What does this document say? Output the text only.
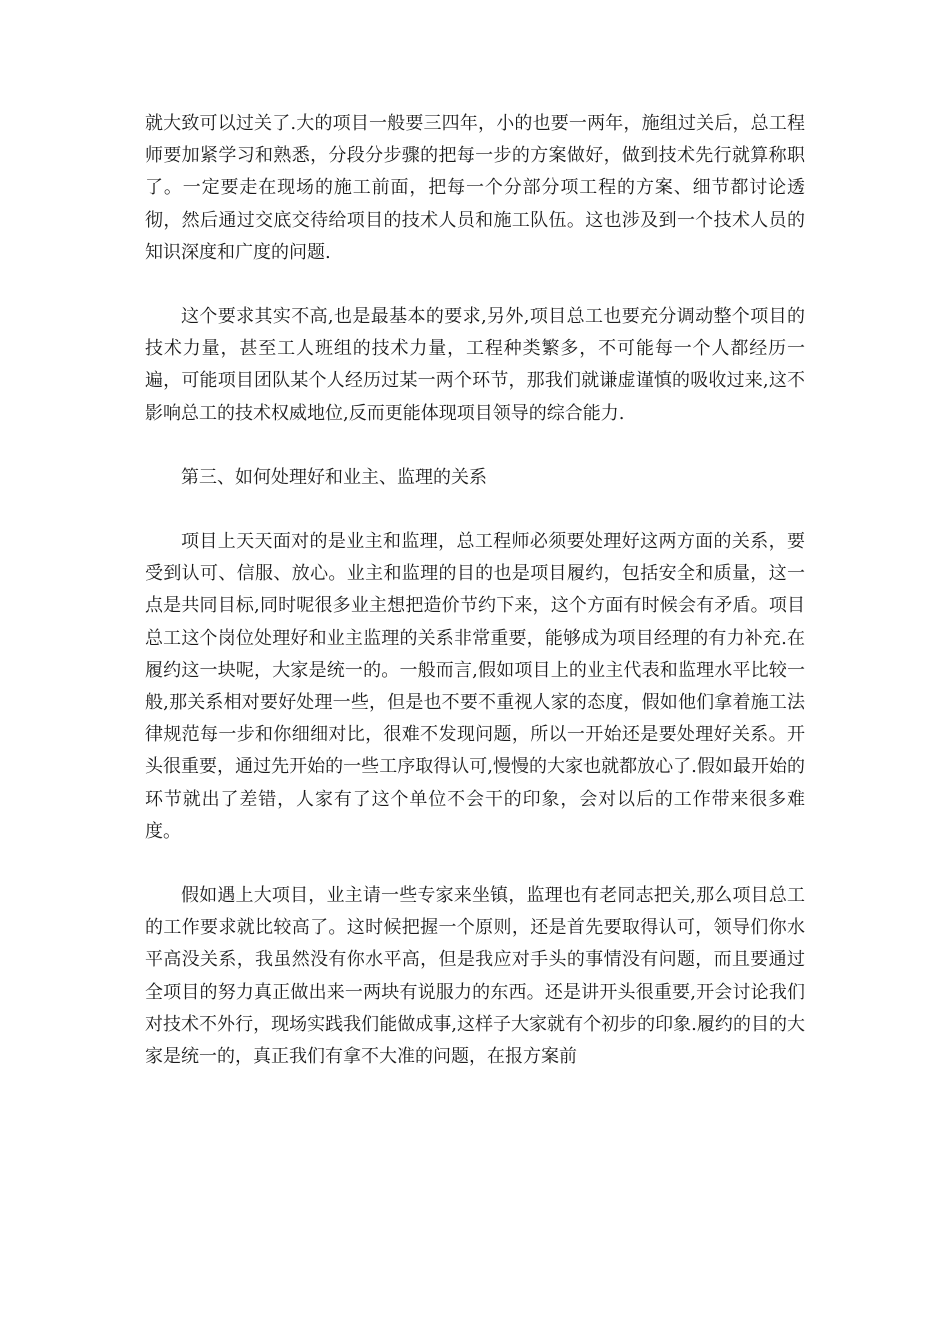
就大致可以过关了.大的项目一般要三四年，小的也要一两年，施组过关后，总工程师要加紧学习和熟悉，分段分步骤的把每一步的方案做好，做到技术先行就算称职了。一定要走在现场的施工前面，把每一个分部分项工程的方案、细节都讨论透彻，然后通过交底交待给项目的技术人员和施工队伍。这也涉及到一个技术人员的知识深度和广度的问题.

这个要求其实不高,也是最基本的要求,另外,项目总工也要充分调动整个项目的技术力量，甚至工人班组的技术力量，工程种类繁多，不可能每一个人都经历一遍，可能项目团队某个人经历过某一两个环节，那我们就谦虚谨慎的吸收过来,这不影响总工的技术权威地位,反而更能体现项目领导的综合能力.

第三、如何处理好和业主、监理的关系

项目上天天面对的是业主和监理，总工程师必须要处理好这两方面的关系，要受到认可、信服、放心。业主和监理的目的也是项目履约，包括安全和质量，这一点是共同目标,同时呢很多业主想把造价节约下来，这个方面有时候会有矛盾。项目总工这个岗位处理好和业主监理的关系非常重要，能够成为项目经理的有力补充.在履约这一块呢，大家是统一的。一般而言,假如项目上的业主代表和监理水平比较一般,那关系相对要好处理一些，但是也不要不重视人家的态度，假如他们拿着施工法律规范每一步和你细细对比，很难不发现问题，所以一开始还是要处理好关系。开头很重要，通过先开始的一些工序取得认可,慢慢的大家也就都放心了.假如最开始的环节就出了差错，人家有了这个单位不会干的印象，会对以后的工作带来很多难度。

假如遇上大项目，业主请一些专家来坐镇，监理也有老同志把关,那么项目总工的工作要求就比较高了。这时候把握一个原则，还是首先要取得认可，领导们你水平高没关系，我虽然没有你水平高，但是我应对手头的事情没有问题，而且要通过全项目的努力真正做出来一两块有说服力的东西。还是讲开头很重要,开会讨论我们对技术不外行，现场实践我们能做成事,这样子大家就有个初步的印象.履约的目的大家是统一的，真正我们有拿不大准的问题，在报方案前
